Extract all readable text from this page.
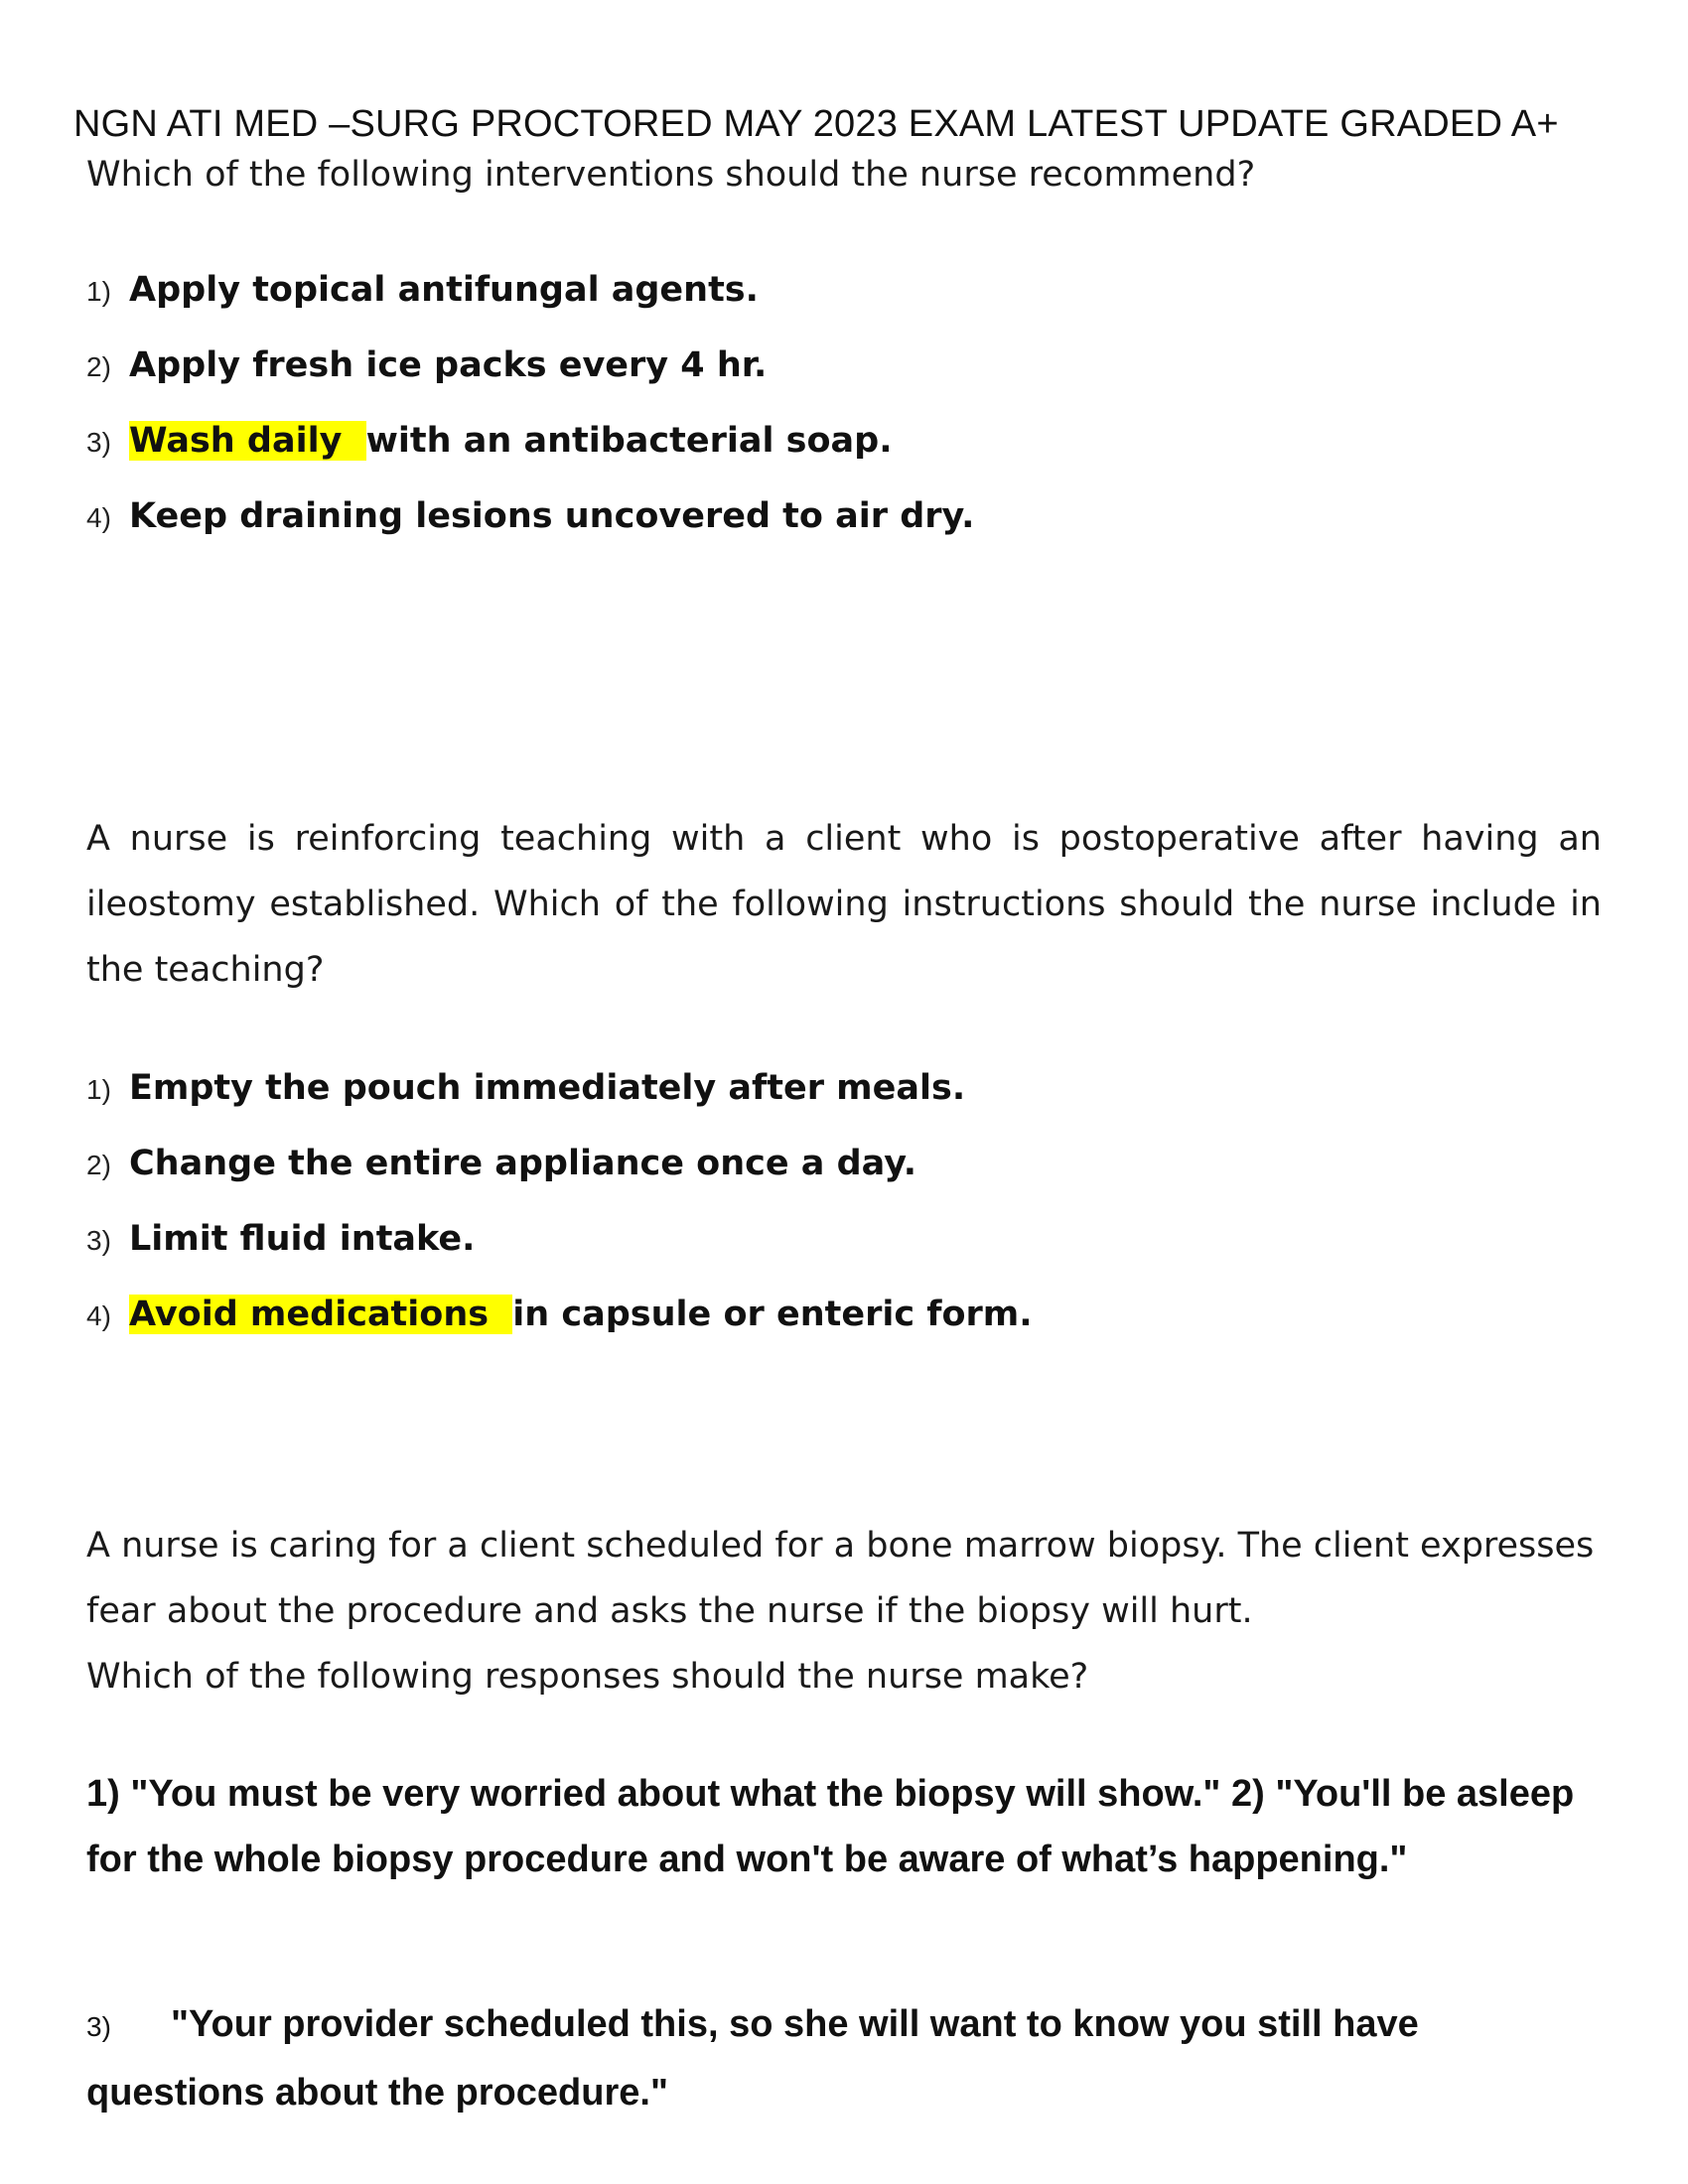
NGN ATI MED –SURG PROCTORED MAY 2023 EXAM LATEST UPDATE GRADED A+
Which of the following interventions should the nurse recommend?
1) Apply topical antifungal agents.
2) Apply fresh ice packs every 4 hr.
3) Wash daily with an antibacterial soap.
4) Keep draining lesions uncovered to air dry.
A nurse is reinforcing teaching with a client who is postoperative after having an ileostomy established. Which of the following instructions should the nurse include in the teaching?
1) Empty the pouch immediately after meals.
2) Change the entire appliance once a day.
3) Limit fluid intake.
4) Avoid medications in capsule or enteric form.
A nurse is caring for a client scheduled for a bone marrow biopsy. The client expresses fear about the procedure and asks the nurse if the biopsy will hurt.
Which of the following responses should the nurse make?
1) "You must be very worried about what the biopsy will show." 2) "You'll be asleep for the whole biopsy procedure and won't be aware of what’s happening."
3) "Your provider scheduled this, so she will want to know you still have questions about the procedure."
